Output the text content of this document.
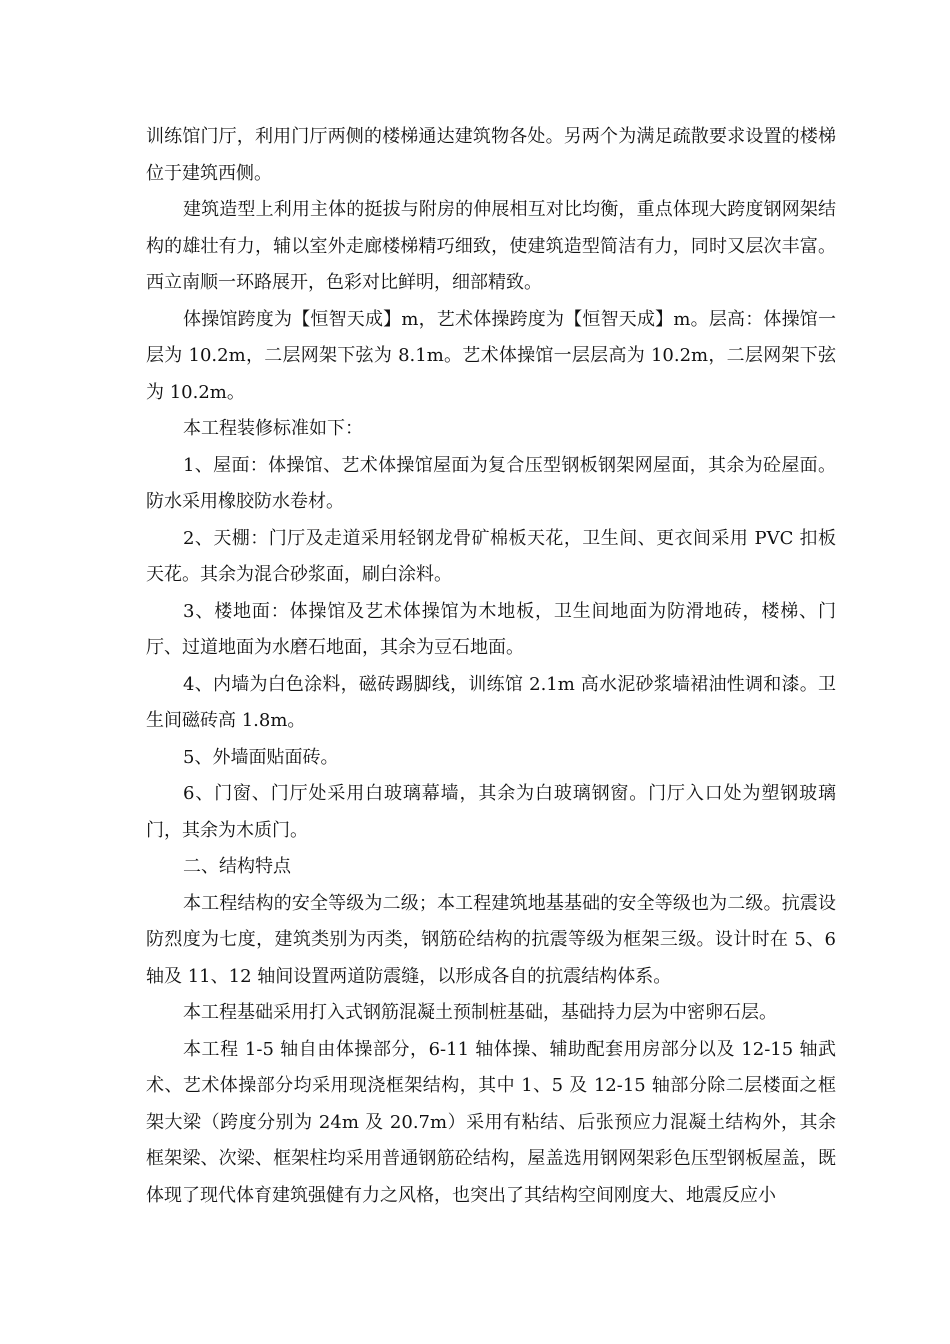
训练馆门厅，利用门厅两侧的楼梯通达建筑物各处。另两个为满足疏散要求设置的楼梯位于建筑西侧。

建筑造型上利用主体的挺拔与附房的伸展相互对比均衡，重点体现大跨度钢网架结构的雄壮有力，辅以室外走廊楼梯精巧细致，使建筑造型简洁有力，同时又层次丰富。西立南顺一环路展开，色彩对比鲜明，细部精致。

体操馆跨度为【恒智天成】m，艺术体操跨度为【恒智天成】m。层高：体操馆一层为 10.2m，二层网架下弦为 8.1m。艺术体操馆一层层高为 10.2m，二层网架下弦为 10.2m。

本工程装修标准如下：

1、屋面：体操馆、艺术体操馆屋面为复合压型钢板钢架网屋面，其余为砼屋面。防水采用橡胶防水卷材。

2、天棚：门厅及走道采用轻钢龙骨矿棉板天花，卫生间、更衣间采用 PVC 扣板天花。其余为混合砂浆面，刷白涂料。

3、楼地面：体操馆及艺术体操馆为木地板，卫生间地面为防滑地砖，楼梯、门厅、过道地面为水磨石地面，其余为豆石地面。

4、内墙为白色涂料，磁砖踢脚线，训练馆 2.1m 高水泥砂浆墙裙油性调和漆。卫生间磁砖高 1.8m。

5、外墙面贴面砖。

6、门窗、门厅处采用白玻璃幕墙，其余为白玻璃钢窗。门厅入口处为塑钢玻璃门，其余为木质门。

二、结构特点

本工程结构的安全等级为二级；本工程建筑地基基础的安全等级也为二级。抗震设防烈度为七度，建筑类别为丙类，钢筋砼结构的抗震等级为框架三级。设计时在 5、6 轴及 11、12 轴间设置两道防震缝，以形成各自的抗震结构体系。

本工程基础采用打入式钢筋混凝土预制桩基础，基础持力层为中密卵石层。

本工程 1-5 轴自由体操部分，6-11 轴体操、辅助配套用房部分以及 12-15 轴武术、艺术体操部分均采用现浇框架结构，其中 1、5 及 12-15 轴部分除二层楼面之框架大梁（跨度分别为 24m 及 20.7m）采用有粘结、后张预应力混凝土结构外，其余框架梁、次梁、框架柱均采用普通钢筋砼结构，屋盖选用钢网架彩色压型钢板屋盖，既体现了现代体育建筑强健有力之风格，也突出了其结构空间刚度大、地震反应小
